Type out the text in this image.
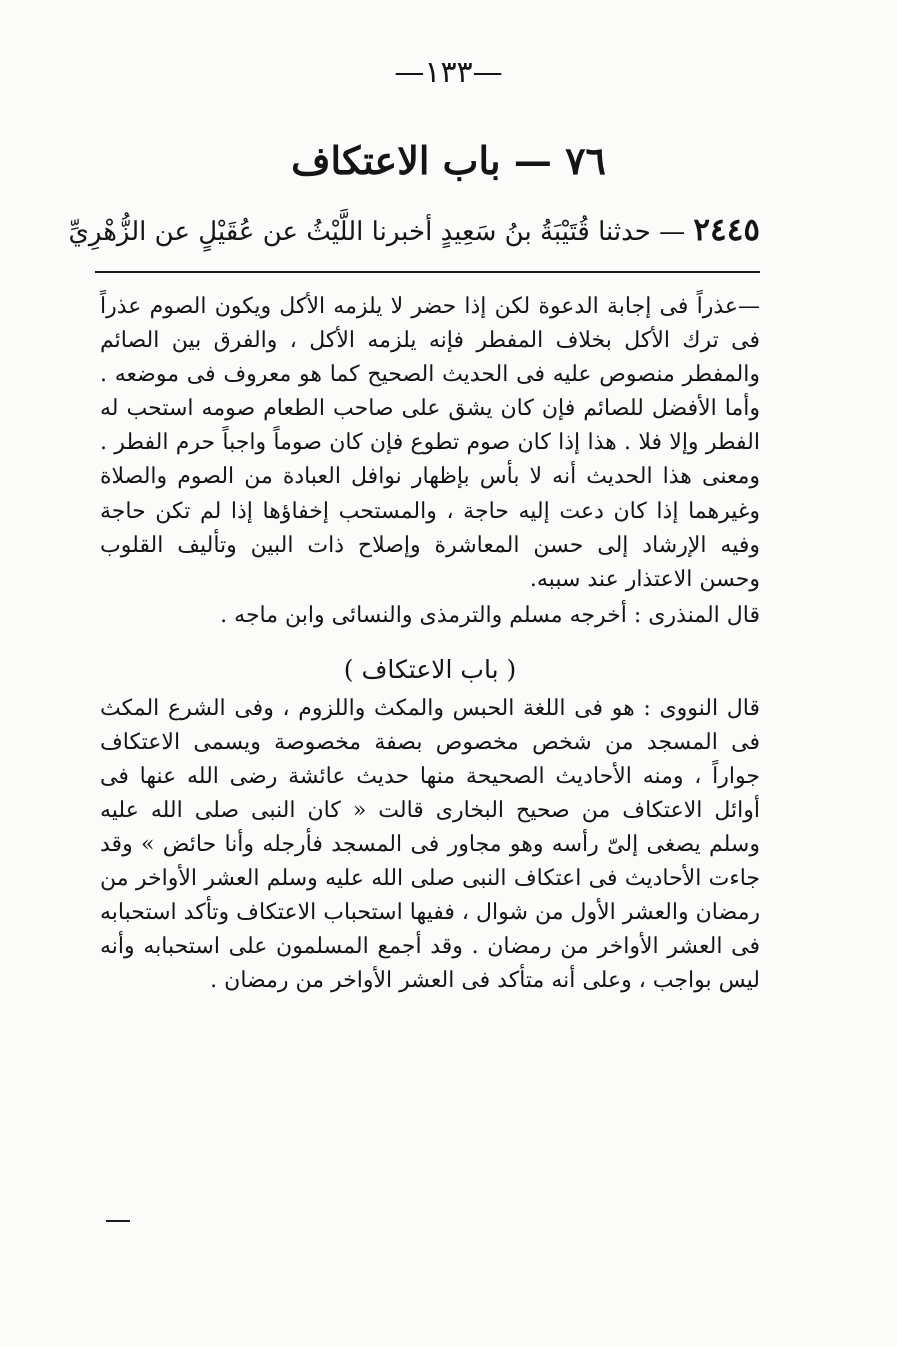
—١٣٣—
٧٦ — باب الاعتكاف
٢٤٤٥ — حدثنا قُتَيْبَةُ بنُ سَعِيدٍ أخبرنا اللَّيْثُ عن عُقَيْلٍ عن الزُّهْرِيِّ

—عذراً فى إجابة الدعوة لكن إذا حضر لا يلزمه الأكل ويكون الصوم عذراً فى ترك الأكل بخلاف المفطر فإنه يلزمه الأكل ، والفرق بين الصائم والمفطر منصوص عليه فى الحديث الصحيح كما هو معروف فى موضعه . وأما الأفضل للصائم فإن كان يشق على صاحب الطعام صومه استحب له الفطر وإلا فلا . هذا إذا كان صوم تطوع فإن كان صوماً واجباً حرم الفطر . ومعنى هذا الحديث أنه لا بأس بإظهار نوافل العبادة من الصوم والصلاة وغيرهما إذا كان دعت إليه حاجة ، والمستحب إخفاؤها إذا لم تكن حاجة وفيه الإرشاد إلى حسن المعاشرة وإصلاح ذات البين وتأليف القلوب وحسن الاعتذار عند سببه.

قال المنذرى : أخرجه مسلم والترمذى والنسائى وابن ماجه .

( باب الاعتكاف )

قال النووى : هو فى اللغة الحبس والمكث واللزوم ، وفى الشرع المكث فى المسجد من شخص مخصوص بصفة مخصوصة ويسمى الاعتكاف جواراً ، ومنه الأحاديث الصحيحة منها حديث عائشة رضى الله عنها فى أوائل الاعتكاف من صحيح البخارى قالت « كان النبى صلى الله عليه وسلم يصغى إلىّ رأسه وهو مجاور فى المسجد فأرجله وأنا حائض » وقد جاءت الأحاديث فى اعتكاف النبى صلى الله عليه وسلم العشر الأواخر من رمضان والعشر الأول من شوال ، ففيها استحباب الاعتكاف وتأكد استحبابه فى العشر الأواخر من رمضان . وقد أجمع المسلمون على استحبابه وأنه ليس بواجب ، وعلى أنه متأكد فى العشر الأواخر من رمضان .
